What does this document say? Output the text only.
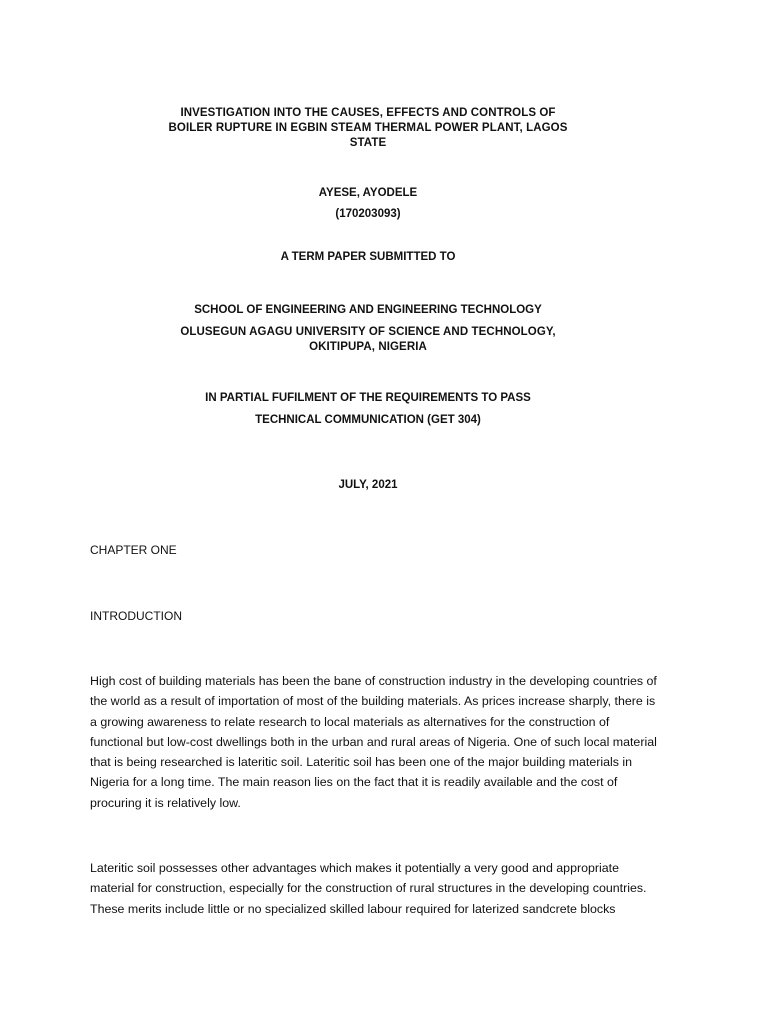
INVESTIGATION INTO THE CAUSES, EFFECTS AND CONTROLS OF
BOILER RUPTURE IN EGBIN STEAM THERMAL POWER PLANT, LAGOS
STATE

AYESE, AYODELE

(170203093)

A TERM PAPER SUBMITTED TO

SCHOOL OF ENGINEERING AND ENGINEERING TECHNOLOGY

OLUSEGUN AGAGU UNIVERSITY OF SCIENCE AND TECHNOLOGY,
OKITIPUPA, NIGERIA

IN PARTIAL FUFILMENT OF THE REQUIREMENTS TO PASS

TECHNICAL COMMUNICATION (GET 304)

JULY, 2021

CHAPTER ONE

INTRODUCTION

High cost of building materials has been the bane of construction industry in the developing countries of
the world as a result of importation of most of the building materials. As prices increase sharply, there is
a growing awareness to relate research to local materials as alternatives for the construction of
functional but low-cost dwellings both in the urban and rural areas of Nigeria. One of such local material
that is being researched is lateritic soil. Lateritic soil has been one of the major building materials in
Nigeria for a long time. The main reason lies on the fact that it is readily available and the cost of
procuring it is relatively low.
Lateritic soil possesses other advantages which makes it potentially a very good and appropriate
material for construction, especially for the construction of rural structures in the developing countries.
These merits include little or no specialized skilled labour required for laterized sandcrete blocks
